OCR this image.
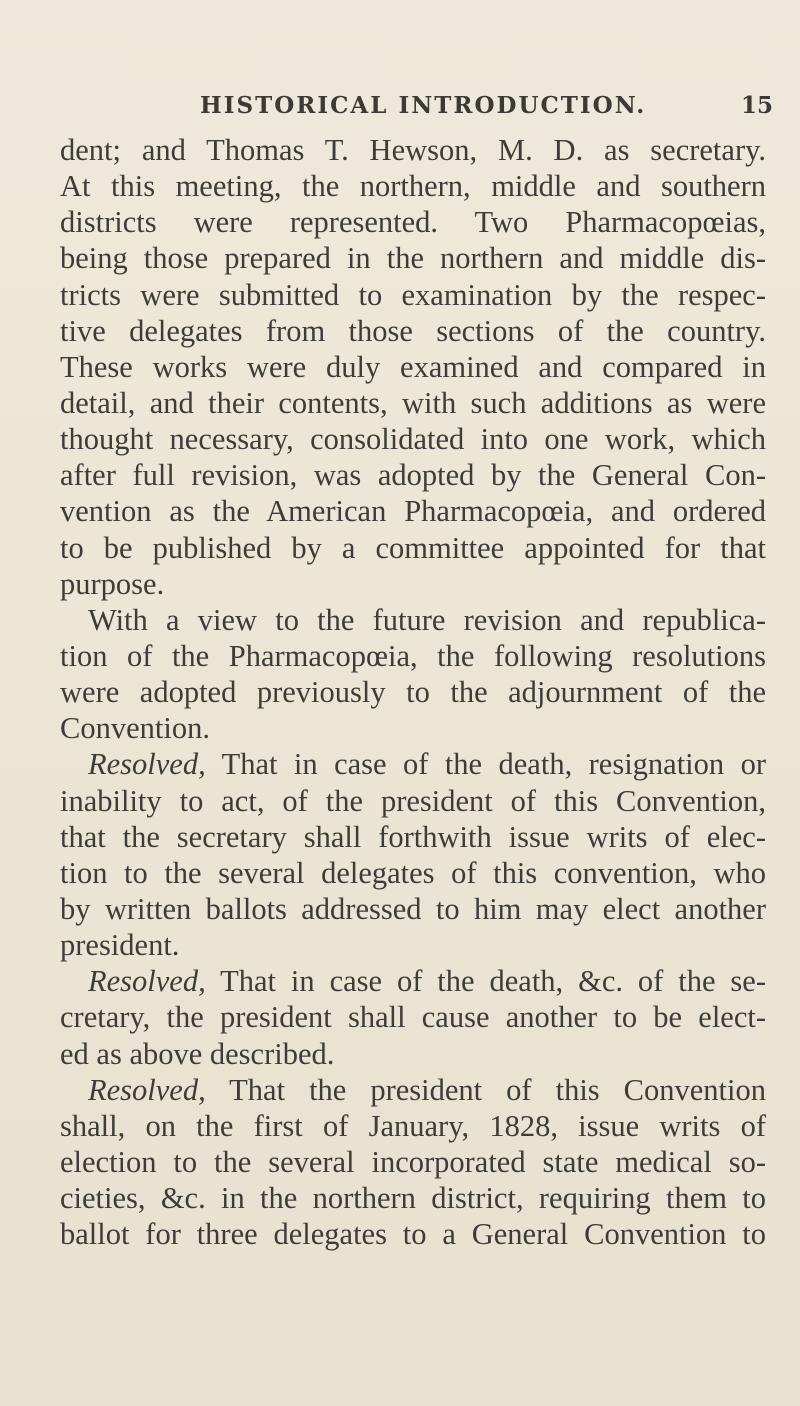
HISTORICAL INTRODUCTION.	15
dent; and Thomas T. Hewson, M. D. as secretary.
At this meeting, the northern, middle and southern
districts were represented. Two Pharmacopœias,
being those prepared in the northern and middle dis-
tricts were submitted to examination by the respec-
tive delegates from those sections of the country.
These works were duly examined and compared in
detail, and their contents, with such additions as were
thought necessary, consolidated into one work, which
after full revision, was adopted by the General Con-
vention as the American Pharmacopœia, and ordered
to be published by a committee appointed for that
purpose.
With a view to the future revision and republica-
tion of the Pharmacopœia, the following resolutions
were adopted previously to the adjournment of the
Convention.
Resolved, That in case of the death, resignation or
inability to act, of the president of this Convention,
that the secretary shall forthwith issue writs of elec-
tion to the several delegates of this convention, who
by written ballots addressed to him may elect another
president.
Resolved, That in case of the death, &c. of the se-
cretary, the president shall cause another to be elect-
ed as above described.
Resolved, That the president of this Convention
shall, on the first of January, 1828, issue writs of
election to the several incorporated state medical so-
cieties, &c. in the northern district, requiring them to
ballot for three delegates to a General Convention to
